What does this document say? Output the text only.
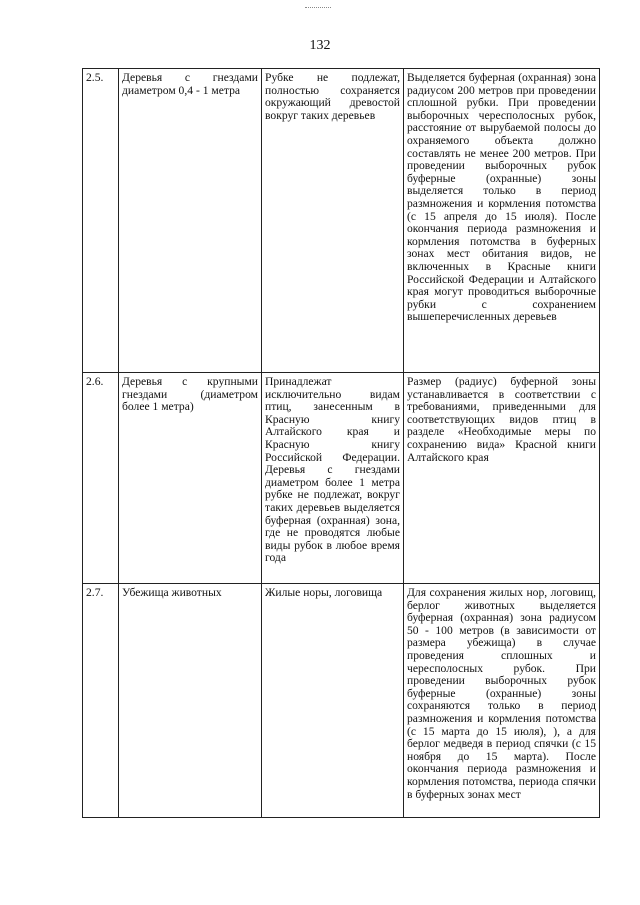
132
2.5.	Деревья с гнездами диаметром 0,4 - 1 метра	Рубке не подлежат, полностью сохраняется окружающий древостой вокруг таких деревьев	Выделяется буферная (охранная) зона радиусом 200 метров при проведении сплошной рубки. При проведении выборочных чересполосных рубок, расстояние от вырубаемой полосы до охраняемого объекта должно составлять не менее 200 метров. При проведении выборочных рубок буферные (охранные) зоны выделяется только в период размножения и кормления потомства (с 15 апреля до 15 июля). После окончания периода размножения и кормления потомства в буферных зонах мест обитания видов, не включенных в Красные книги Российской Федерации и Алтайского края могут проводиться выборочные рубки с сохранением вышеперечисленных деревьев
2.6.	Деревья с крупными гнездами (диаметром более 1 метра)	Принадлежат исключительно видам птиц, занесенным в Красную книгу Алтайского края и Красную книгу Российской Федерации. Деревья с гнездами диаметром более 1 метра рубке не подлежат, вокруг таких деревьев выделяется буферная (охранная) зона, где не проводятся любые виды рубок в любое время года	Размер (радиус) буферной зоны устанавливается в соответствии с требованиями, приведенными для соответствующих видов птиц в разделе «Необходимые меры по сохранению вида» Красной книги Алтайского края
2.7.	Убежища животных	Жилые норы, логовища	Для сохранения жилых нор, логовищ, берлог животных выделяется буферная (охранная) зона радиусом 50 - 100 метров (в зависимости от размера убежища) в случае проведения сплошных и чересполосных рубок. При проведении выборочных рубок буферные (охранные) зоны сохраняются только в период размножения и кормления потомства (с 15 марта до 15 июля), ), а для берлог медведя в период спячки (с 15 ноября до 15 марта). После окончания периода размножения и кормления потомства, периода спячки в буферных зонах мест
